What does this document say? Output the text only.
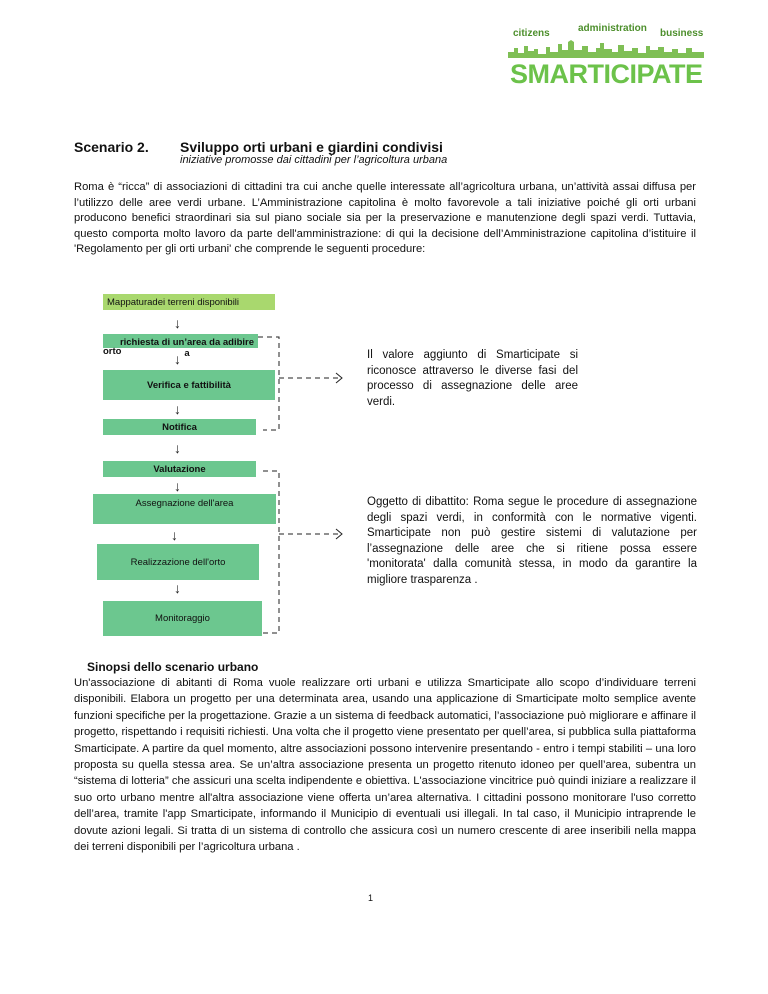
citizens	administration business
SMARTICIPATE
Scenario 2. Sviluppo orti urbani e giardini condivisi
iniziative promosse dai cittadini per l’agricoltura urbana

Roma è “ricca” di associazioni di cittadini tra cui anche quelle interessate all’agricoltura urbana, un’attività assai diffusa per l’utilizzo delle aree verdi urbane. L’Amministrazione capitolina è molto favorevole a tali iniziative poiché gli orti urbani producono benefici straordinari sia sul piano sociale sia per la preservazione e manutenzione degli spazi verdi. Tuttavia, questo comporta molto lavoro da parte dell'amministrazione: di qui la decisione dell’Amministrazione capitolina d’istituire il 'Regolamento per gli orti urbani' che comprende le seguenti procedure:

Mappatura dei terreni disponibili
↓
richiesta di un’area da adibire a
orto	↓
Verifica e fattibilità
↓
Notifica
↓
Valutazione
↓
Assegnazione dell'area
↓
Realizzazione dell'orto
↓
Monitoraggio

Il valore aggiunto di Smarticipate si riconosce attraverso le diverse fasi del processo di assegnazione delle aree verdi.

Oggetto di dibattito: Roma segue le procedure di assegnazione degli spazi verdi, in conformità con le normative vigenti. Smarticipate non può gestire sistemi di valutazione per l’assegnazione delle aree che si ritiene possa essere 'monitorata' dalla comunità stessa, in modo da garantire la migliore trasparenza .

Sinopsi dello scenario urbano

Un'associazione di abitanti di Roma vuole realizzare orti urbani e utilizza Smarticipate allo scopo d’individuare terreni disponibili. Elabora un progetto per una determinata area, usando una applicazione di Smarticipate molto semplice avente funzioni specifiche per la progettazione. Grazie a un sistema di feedback automatici, l’associazione può migliorare e affinare il progetto, rispettando i requisiti richiesti. Una volta che il progetto viene presentato per quell’area, si pubblica sulla piattaforma Smarticipate. A partire da quel momento, altre associazioni possono intervenire presentando - entro i tempi stabiliti – una loro proposta su quella stessa area. Se un’altra associazione presenta un progetto ritenuto idoneo per quell’area, subentra un “sistema di lotteria” che assicuri una scelta indipendente e obiettiva. L'associazione vincitrice può quindi iniziare a realizzare il suo orto urbano mentre all'altra associazione viene offerta un’area alternativa. I cittadini possono monitorare l'uso corretto dell’area, tramite l'app Smarticipate, informando il Municipio di eventuali usi illegali. In tal caso, il Municipio intraprende le dovute azioni legali. Si tratta di un sistema di controllo che assicura così un numero crescente di aree inseribili nella mappa dei terreni disponibili per l’agricoltura urbana .

1
